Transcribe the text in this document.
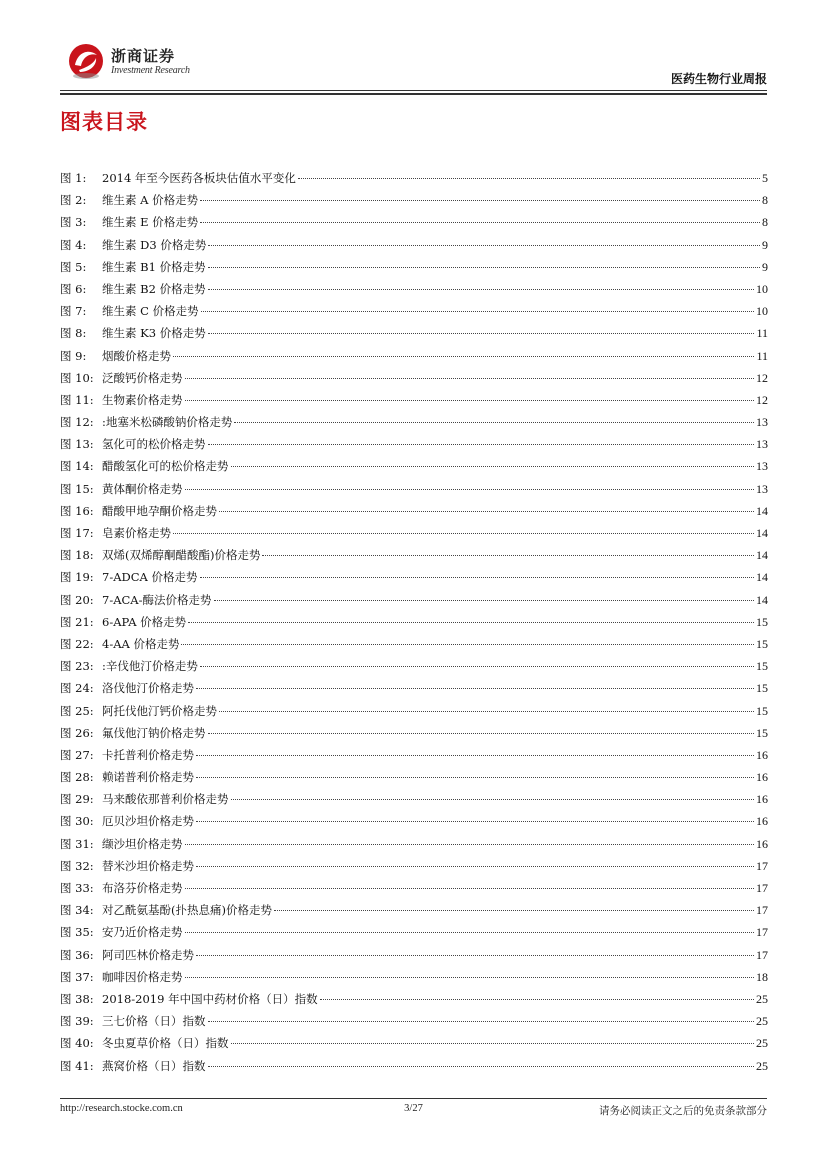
浙商证券
Investment Research
医药生物行业周报
图表目录
图 1: 2014 年至今医药各板块估值水平变化	5
图 2: 维生素 A 价格走势	8
图 3: 维生素 E 价格走势	8
图 4: 维生素 D3 价格走势	9
图 5: 维生素 B1 价格走势	9
图 6: 维生素 B2 价格走势	10
图 7: 维生素 C 价格走势	10
图 8: 维生素 K3 价格走势	11
图 9: 烟酸价格走势	11
图 10: 泛酸钙价格走势	12
图 11: 生物素价格走势	12
图 12: :地塞米松磷酸钠价格走势	13
图 13: 氢化可的松价格走势	13
图 14: 醋酸氢化可的松价格走势	13
图 15: 黄体酮价格走势	13
图 16: 醋酸甲地孕酮价格走势	14
图 17: 皂素价格走势	14
图 18: 双烯(双烯醇酮醋酸酯)价格走势	14
图 19: 7-ADCA 价格走势	14
图 20: 7-ACA-酶法价格走势	14
图 21: 6-APA 价格走势	15
图 22: 4-AA 价格走势	15
图 23: :辛伐他汀价格走势	15
图 24: 洛伐他汀价格走势	15
图 25: 阿托伐他汀钙价格走势	15
图 26: 氟伐他汀钠价格走势	15
图 27: 卡托普利价格走势	16
图 28: 赖诺普利价格走势	16
图 29: 马来酸依那普利价格走势	16
图 30: 厄贝沙坦价格走势	16
图 31: 缬沙坦价格走势	16
图 32: 替米沙坦价格走势	17
图 33: 布洛芬价格走势	17
图 34: 对乙酰氨基酚(扑热息痛)价格走势	17
图 35: 安乃近价格走势	17
图 36: 阿司匹林价格走势	17
图 37: 咖啡因价格走势	18
图 38: 2018-2019 年中国中药材价格（日）指数	25
图 39: 三七价格（日）指数	25
图 40: 冬虫夏草价格（日）指数	25
图 41: 燕窝价格（日）指数	25
http://research.stocke.com.cn	3/27	请务必阅读正文之后的免责条款部分
